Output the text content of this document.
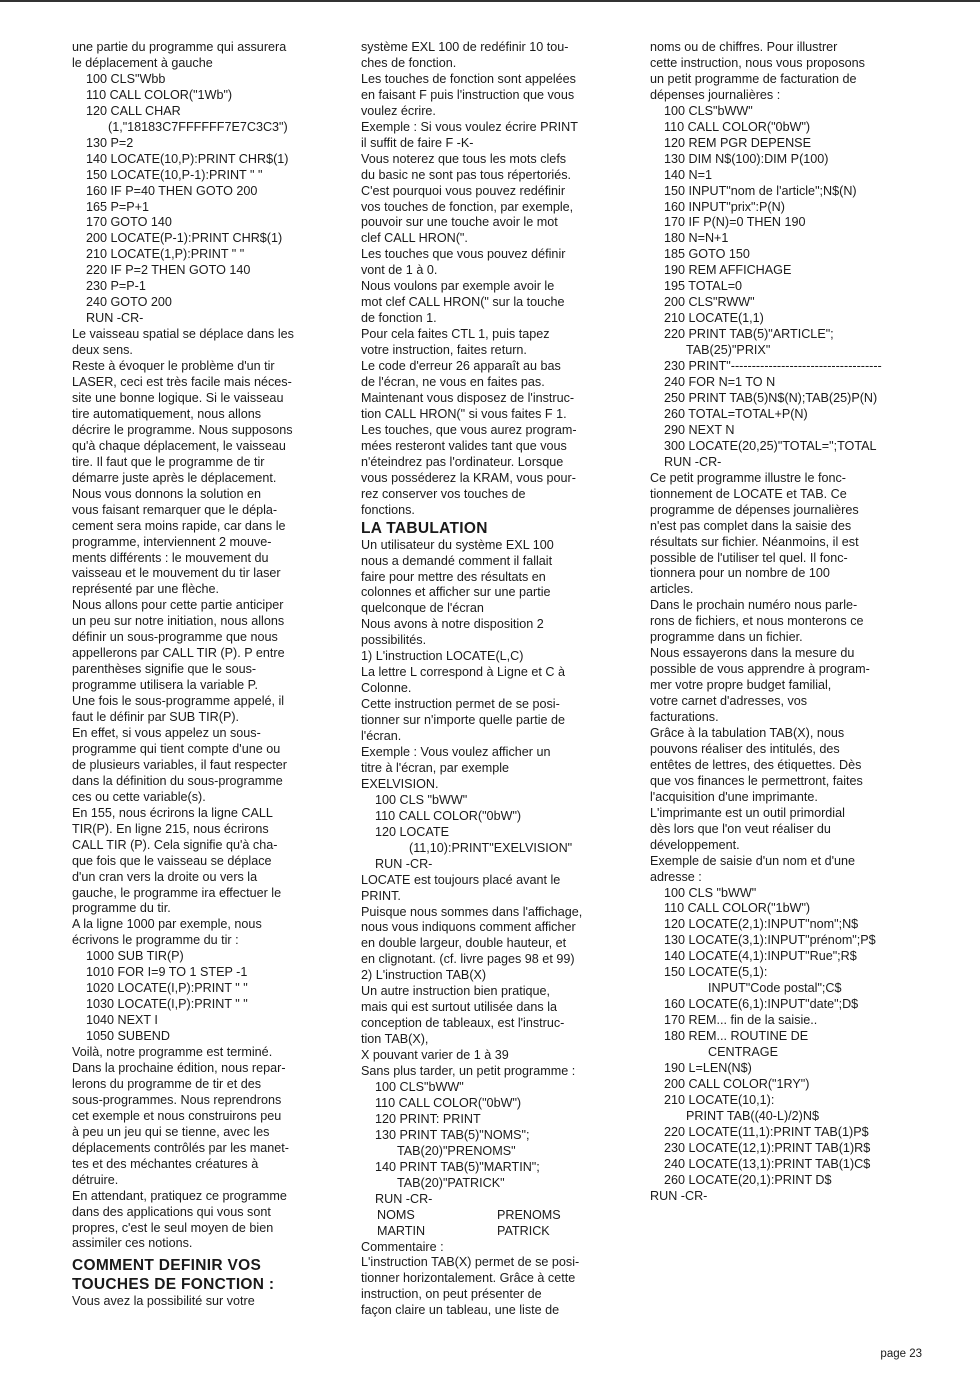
une partie du programme qui assurera
le déplacement à gauche
100 CLS"Wbb
110 CALL COLOR("1Wb")
120 CALL CHAR
(1,"18183C7FFFFFF7E7C3C3")
130 P=2
140 LOCATE(10,P):PRINT CHR$(1)
150 LOCATE(10,P-1):PRINT " "
160 IF P=40 THEN GOTO 200
165 P=P+1
170 GOTO 140
200 LOCATE(P-1):PRINT CHR$(1)
210 LOCATE(1,P):PRINT " "
220 IF P=2 THEN GOTO 140
230 P=P-1
240 GOTO 200
RUN -CR-
Le vaisseau spatial se déplace dans les
deux sens.
Reste à évoquer le problème d'un tir
LASER, ceci est très facile mais néces-
site une bonne logique. Si le vaisseau
tire automatiquement, nous allons
décrire le programme. Nous supposons
qu'à chaque déplacement, le vaisseau
tire. Il faut que le programme de tir
démarre juste après le déplacement.
Nous vous donnons la solution en
vous faisant remarquer que le dépla-
cement sera moins rapide, car dans le
programme, interviennent 2 mouve-
ments différents : le mouvement du
vaisseau et le mouvement du tir laser
représenté par une flèche.
Nous allons pour cette partie anticiper
un peu sur notre initiation, nous allons
définir un sous-programme que nous
appellerons par CALL TIR (P). P entre
parenthèses signifie que le sous-
programme utilisera la variable P.
Une fois le sous-programme appelé, il
faut le définir par SUB TIR(P).
En effet, si vous appelez un sous-
programme qui tient compte d'une ou
de plusieurs variables, il faut respecter
dans la définition du sous-programme
ces ou cette variable(s).
En 155, nous écrirons la ligne CALL
TIR(P). En ligne 215, nous écrirons
CALL TIR (P). Cela signifie qu'à cha-
que fois que le vaisseau se déplace
d'un cran vers la droite ou vers la
gauche, le programme ira effectuer le
programme du tir.
A la ligne 1000 par exemple, nous
écrivons le programme du tir :
1000 SUB TIR(P)
1010 FOR I=9 TO 1 STEP -1
1020 LOCATE(I,P):PRINT " "
1030 LOCATE(I,P):PRINT " "
1040 NEXT I
1050 SUBEND
Voilà, notre programme est terminé.
Dans la prochaine édition, nous repar-
lerons du programme de tir et des
sous-programmes. Nous reprendrons
cet exemple et nous construirons peu
à peu un jeu qui se tienne, avec les
déplacements contrôlés par les manet-
tes et des méchantes créatures à
détruire.
En attendant, pratiquez ce programme
dans des applications qui vous sont
propres, c'est le seul moyen de bien
assimiler ces notions.
COMMENT DEFINIR VOS
TOUCHES DE FONCTION :
Vous avez la possibilité sur votre
système EXL 100 de redéfinir 10 tou-
ches de fonction.
Les touches de fonction sont appelées
en faisant F puis l'instruction que vous
voulez écrire.
Exemple : Si vous voulez écrire PRINT
il suffit de faire F -K-
Vous noterez que tous les mots clefs
du basic ne sont pas tous répertoriés.
C'est pourquoi vous pouvez redéfinir
vos touches de fonction, par exemple,
pouvoir sur une touche avoir le mot
clef CALL HRON(".
Les touches que vous pouvez définir
vont de 1 à 0.
Nous voulons par exemple avoir le
mot clef CALL HRON(" sur la touche
de fonction 1.
Pour cela faites CTL 1, puis tapez
votre instruction, faites return.
Le code d'erreur 26 apparaît au bas
de l'écran, ne vous en faites pas.
Maintenant vous disposez de l'instruc-
tion CALL HRON(" si vous faites F 1.
Les touches, que vous aurez program-
mées resteront valides tant que vous
n'éteindrez pas l'ordinateur. Lorsque
vous posséderez la KRAM, vous pour-
rez conserver vos touches de
fonctions.
LA TABULATION
Un utilisateur du système EXL 100
nous a demandé comment il fallait
faire pour mettre des résultats en
colonnes et afficher sur une partie
quelconque de l'écran
Nous avons à notre disposition 2
possibilités.
1) L'instruction LOCATE(L,C)
La lettre L correspond à Ligne et C à
Colonne.
Cette instruction permet de se posi-
tionner sur n'importe quelle partie de
l'écran.
Exemple : Vous voulez afficher un
titre à l'écran, par exemple
EXELVISION.
100 CLS "bWW"
110 CALL COLOR("0bW")
120 LOCATE
(11,10):PRINT"EXELVISION"
RUN -CR-
LOCATE est toujours placé avant le
PRINT.
Puisque nous sommes dans l'affichage,
nous vous indiquons comment afficher
en double largeur, double hauteur, et
en clignotant. (cf. livre pages 98 et 99)
2) L'instruction TAB(X)
Un autre instruction bien pratique,
mais qui est surtout utilisée dans la
conception de tableaux, est l'instruc-
tion TAB(X),
X pouvant varier de 1 à 39
Sans plus tarder, un petit programme :
100 CLS"bWW"
110 CALL COLOR("0bW")
120 PRINT: PRINT
130 PRINT TAB(5)"NOMS";
TAB(20)"PRENOMS"
140 PRINT TAB(5)"MARTIN";
TAB(20)"PATRICK"
RUN -CR-
NOMS	PRENOMS
MARTIN	PATRICK
Commentaire :
L'instruction TAB(X) permet de se posi-
tionner horizontalement. Grâce à cette
instruction, on peut présenter de
façon claire un tableau, une liste de
noms ou de chiffres. Pour illustrer
cette instruction, nous vous proposons
un petit programme de facturation de
dépenses journalières :
100 CLS"bWW"
110 CALL COLOR("0bW")
120 REM PGR DEPENSE
130 DIM N$(100):DIM P(100)
140 N=1
150 INPUT"nom de l'article";N$(N)
160 INPUT"prix":P(N)
170 IF P(N)=0 THEN 190
180 N=N+1
185 GOTO 150
190 REM AFFICHAGE
195 TOTAL=0
200 CLS"RWW"
210 LOCATE(1,1)
220 PRINT TAB(5)"ARTICLE";
TAB(25)"PRIX"
230 PRINT"------------------------------------
240 FOR N=1 TO N
250 PRINT TAB(5)N$(N);TAB(25)P(N)
260 TOTAL=TOTAL+P(N)
290 NEXT N
300 LOCATE(20,25)"TOTAL=";TOTAL
RUN -CR-
Ce petit programme illustre le fonc-
tionnement de LOCATE et TAB. Ce
programme de dépenses journalières
n'est pas complet dans la saisie des
résultats sur fichier. Néanmoins, il est
possible de l'utiliser tel quel. Il fonc-
tionnera pour un nombre de 100
articles.
Dans le prochain numéro nous parle-
rons de fichiers, et nous monterons ce
programme dans un fichier.
Nous essayerons dans la mesure du
possible de vous apprendre à program-
mer votre propre budget familial,
votre carnet d'adresses, vos
facturations.
Grâce à la tabulation TAB(X), nous
pouvons réaliser des intitulés, des
entêtes de lettres, des étiquettes. Dès
que vos finances le permettront, faites
l'acquisition d'une imprimante.
L'imprimante est un outil primordial
dès lors que l'on veut réaliser du
développement.
Exemple de saisie d'un nom et d'une
adresse :
100 CLS "bWW"
110 CALL COLOR("1bW")
120 LOCATE(2,1):INPUT"nom";N$
130 LOCATE(3,1):INPUT"prénom";P$
140 LOCATE(4,1):INPUT"Rue";R$
150 LOCATE(5,1):
INPUT"Code postal";C$
160 LOCATE(6,1):INPUT"date";D$
170 REM... fin de la saisie..
180 REM... ROUTINE DE
CENTRAGE
190 L=LEN(N$)
200 CALL COLOR("1RY")
210 LOCATE(10,1):
PRINT TAB((40-L)/2)N$
220 LOCATE(11,1):PRINT TAB(1)P$
230 LOCATE(12,1):PRINT TAB(1)R$
240 LOCATE(13,1):PRINT TAB(1)C$
260 LOCATE(20,1):PRINT D$
RUN -CR-
page 23
